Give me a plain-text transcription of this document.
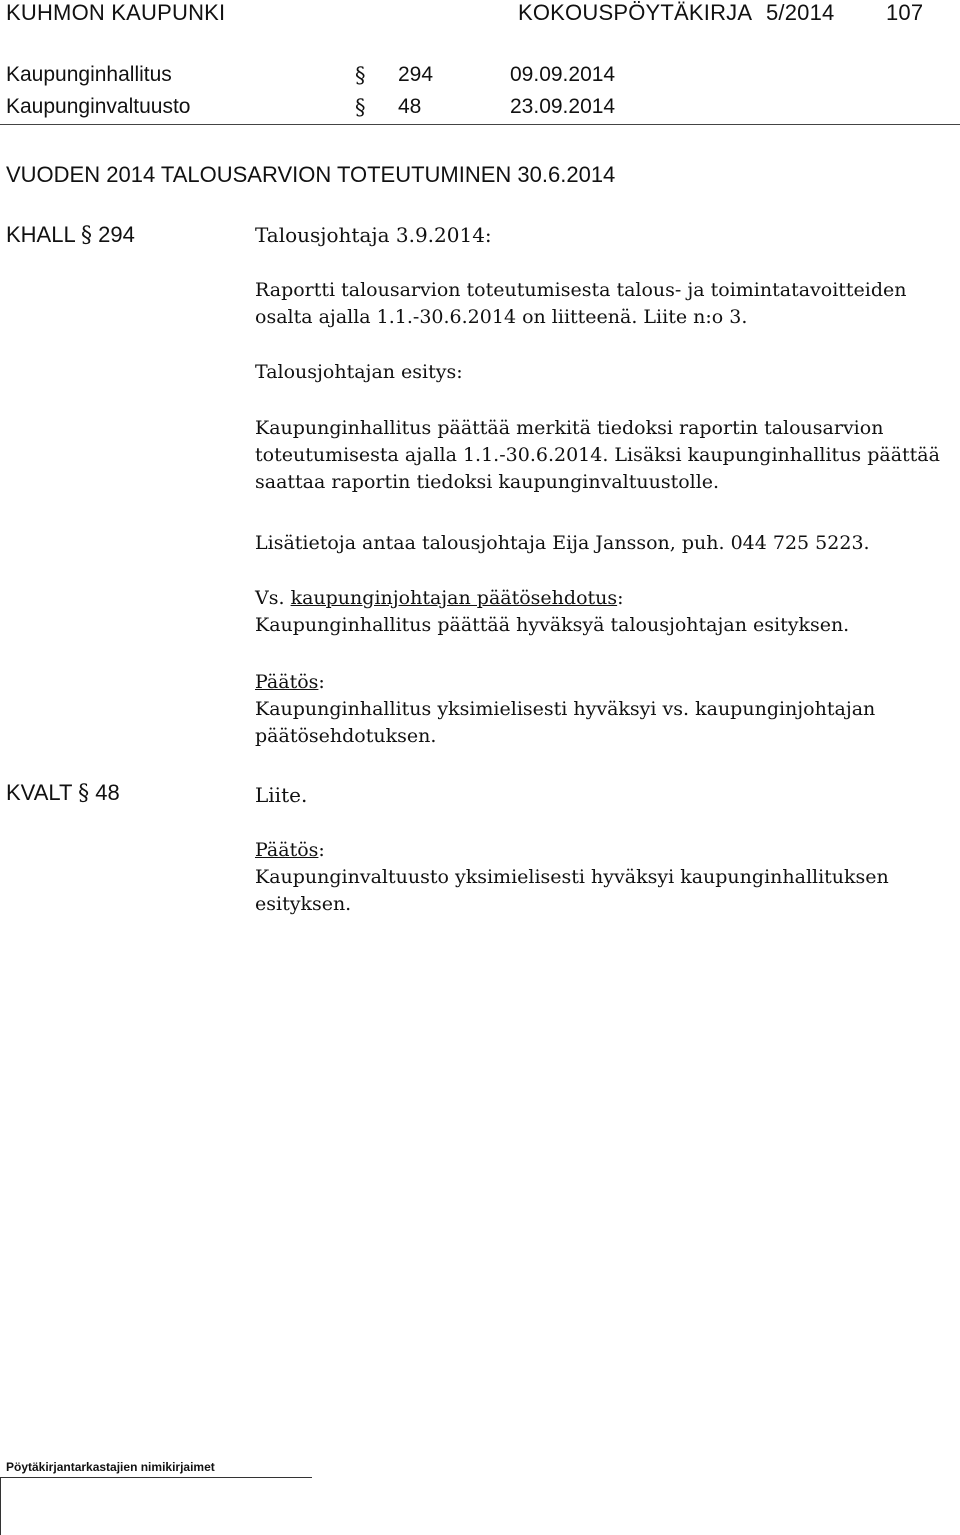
KUHMON KAUPUNKI	KOKOUSPÖYTÄKIRJA 5/2014 107
Kaupunginhallitus	§ 294	09.09.2014
Kaupunginvaltuusto	§ 48	23.09.2014
VUODEN 2014 TALOUSARVION TOTEUTUMINEN 30.6.2014
KHALL § 294	Talousjohtaja 3.9.2014:

Raportti talousarvion toteutumisesta talous- ja toimintatavoitteiden osalta ajalla 1.1.-30.6.2014 on liitteenä. Liite n:o 3.

Talousjohtajan esitys:

Kaupunginhallitus päättää merkitä tiedoksi raportin talousarvion toteutumisesta ajalla 1.1.-30.6.2014. Lisäksi kaupunginhallitus päättää saattaa raportin tiedoksi kaupunginvaltuustolle.

Lisätietoja antaa talousjohtaja Eija Jansson, puh. 044 725 5223.

Vs. kaupunginjohtajan päätösehdotus:

Kaupunginhallitus päättää hyväksyä talousjohtajan esityksen.

Päätös:

Kaupunginhallitus yksimielisesti hyväksyi vs. kaupunginjohtajan päätösehdotuksen.

KVALT § 48	Liite.

Päätös:

Kaupunginvaltuusto yksimielisesti hyväksyi kaupunginhallituksen esityksen.

Pöytäkirjantarkastajien nimikirjaimet
